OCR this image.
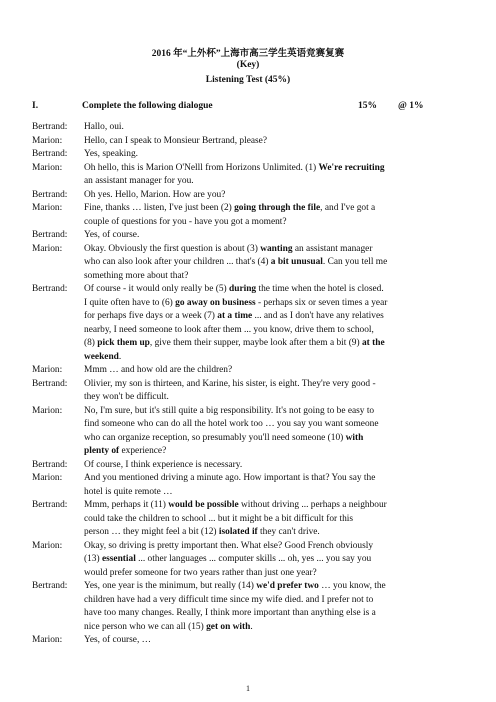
2016 年“上外杯”上海市高三学生英语竞赛复赛
(Key)
Listening Test (45%)
I.	Complete the following dialogue	15% @ 1%
Bertrand:	Hallo, oui.
Marion:	Hello, can I speak to Monsieur Bertrand, please?
Bertrand:	Yes, speaking.
Marion:	Oh hello, this is Marion O'Nelll from Horizons Unlimited. (1) We're recruiting
an assistant manager for you.
Bertrand:	Oh yes. Hello, Marion. How are you?
Marion:	Fine, thanks … listen, I've just been (2) going through the file, and I've got a
couple of questions for you - have you got a moment?
Bertrand:	Yes, of course.
Marion:	Okay. Obviously the first question is about (3) wanting an assistant manager
who can also look after your children ... that's (4) a bit unusual. Can you tell me
something more about that?
Bertrand:	Of course - it would only really be (5) during the time when the hotel is closed.
I quite often have to (6) go away on business - perhaps six or seven times a year
for perhaps five days or a week (7) at a time ... and as I don't have any relatives
nearby, I need someone to look after them ... you know, drive them to school,
(8) pick them up, give them their supper, maybe look after them a bit (9) at the
weekend.
Marion:	Mmm … and how old are the children?
Bertrand:	Olivier, my son is thirteen, and Karine, his sister, is eight. They're very good -
they won't be difficult.
Marion:	No, I'm sure, but it's still quite a big responsibility. It's not going to be easy to
find someone who can do all the hotel work too … you say you want someone
who can organize reception, so presumably you'll need someone (10) with
plenty of experience?
Bertrand:	Of course, I think experience is necessary.
Marion:	And you mentioned driving a minute ago. How important is that? You say the
hotel is quite remote …
Bertrand:	Mmm, perhaps it (11) would be possible without driving ... perhaps a neighbour
could take the children to school ... but it might be a bit difficult for this
person … they might feel a bit (12) isolated if they can't drive.
Marion:	Okay, so driving is pretty important then. What else? Good French obviously
(13) essential ... other languages ... computer skills ... oh, yes ... you say you
would prefer someone for two years rather than just one year?
Bertrand:	Yes, one year is the minimum, but really (14) we'd prefer two … you know, the
children have had a very difficult time since my wife died. and I prefer not to
have too many changes. Really, I think more important than anything else is a
nice person who we can all (15) get on with.
Marion:	Yes, of course, …
1
